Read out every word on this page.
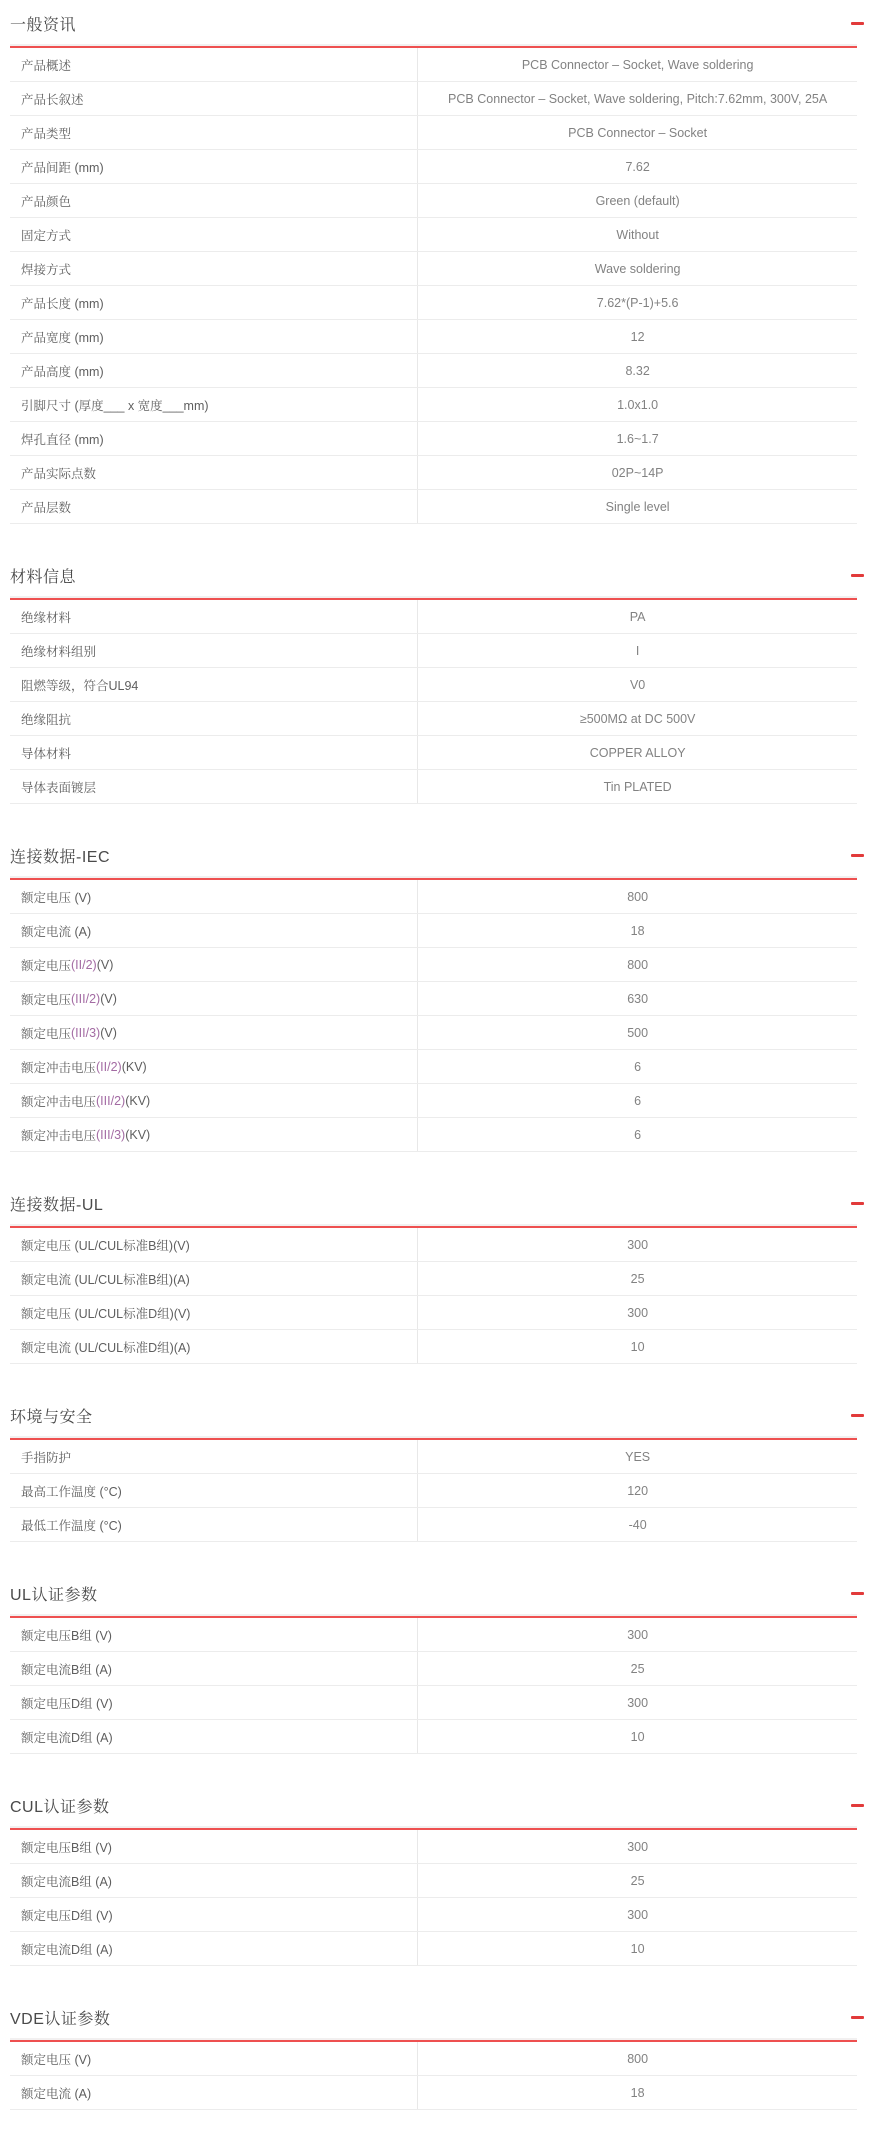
一般资讯
产品概述	PCB Connector – Socket, Wave soldering
产品长叙述	PCB Connector – Socket, Wave soldering, Pitch:7.62mm, 300V, 25A
产品类型	PCB Connector – Socket
产品间距 (mm)	7.62
产品颜色	Green (default)
固定方式	Without
焊接方式	Wave soldering
产品长度 (mm)	7.62*(P-1)+5.6
产品宽度 (mm)	12
产品高度 (mm)	8.32
引脚尺寸 (厚度___ x 宽度___mm)	1.0x1.0
焊孔直径 (mm)	1.6~1.7
产品实际点数	02P~14P
产品层数	Single level
材料信息
绝缘材料	PA
绝缘材料组别	I
阻燃等级，符合UL94	V0
绝缘阻抗	≥500MΩ at DC 500V
导体材料	COPPER ALLOY
导体表面镀层	Tin PLATED
连接数据-IEC
额定电压 (V)	800
额定电流 (A)	18
额定电压 (II/2) (V)	800
额定电压 (III/2) (V)	630
额定电压 (III/3) (V)	500
额定冲击电压 (II/2) (KV)	6
额定冲击电压 (III/2) (KV)	6
额定冲击电压 (III/3) (KV)	6
连接数据-UL
额定电压 (UL/CUL标准B组)(V)	300
额定电流 (UL/CUL标准B组)(A)	25
额定电压 (UL/CUL标准D组)(V)	300
额定电流 (UL/CUL标准D组)(A)	10
环境与安全
手指防护	YES
最高工作温度 (°C)	120
最低工作温度 (°C)	-40
UL认证参数
额定电压B组 (V)	300
额定电流B组 (A)	25
额定电压D组 (V)	300
额定电流D组 (A)	10
CUL认证参数
额定电压B组 (V)	300
额定电流B组 (A)	25
额定电压D组 (V)	300
额定电流D组 (A)	10
VDE认证参数
额定电压 (V)	800
额定电流 (A)	18
